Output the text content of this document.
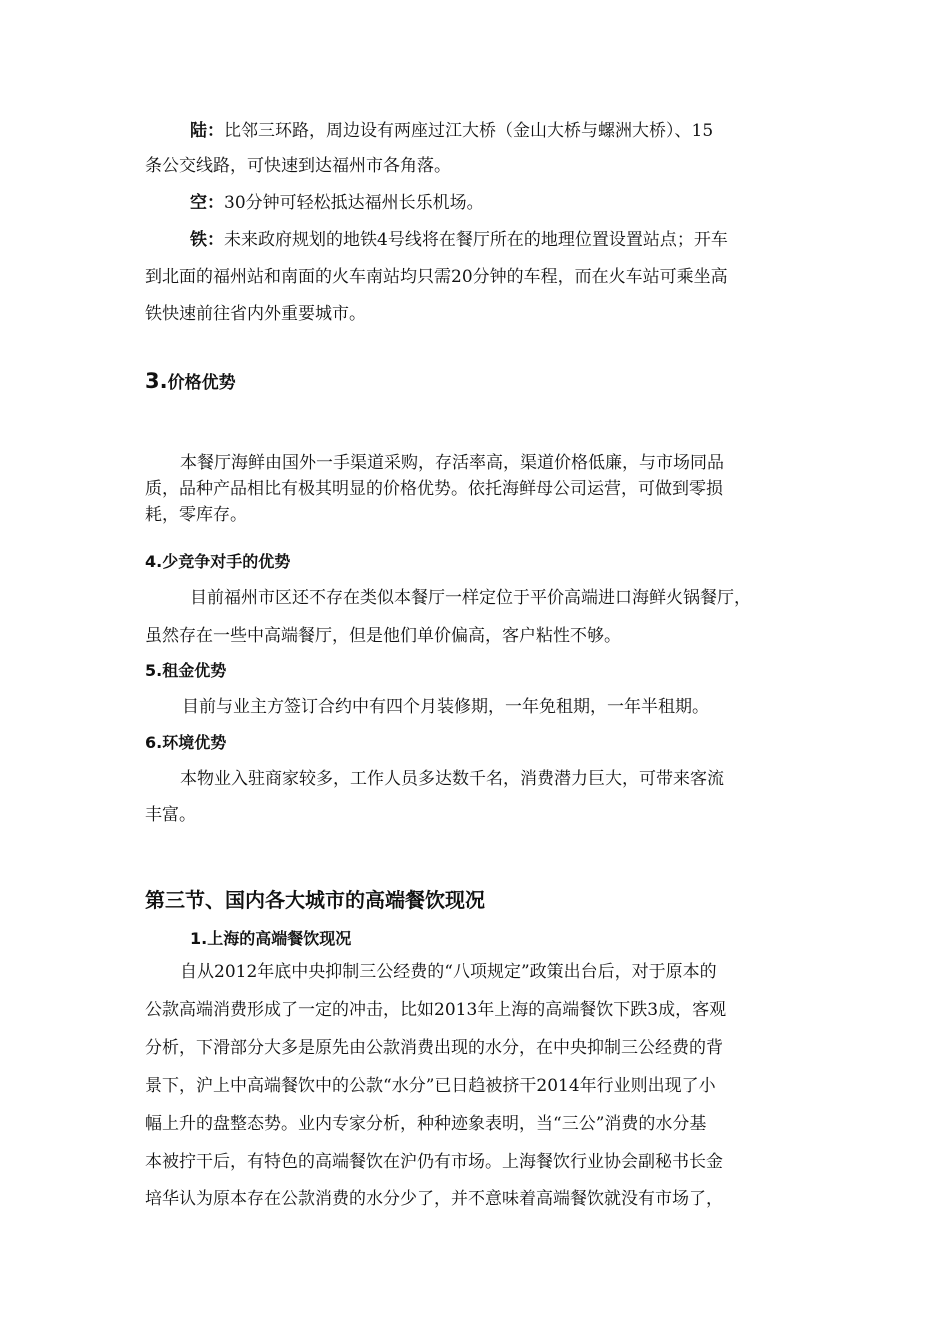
陆：比邻三环路，周边设有两座过江大桥（金山大桥与螺洲大桥）、15
条公交线路，可快速到达福州市各角落。
空：30分钟可轻松抵达福州长乐机场。
铁：未来政府规划的地铁4号线将在餐厅所在的地理位置设置站点；开车
到北面的福州站和南面的火车南站均只需20分钟的车程，而在火车站可乘坐高
铁快速前往省内外重要城市。
3.价格优势
本餐厅海鲜由国外一手渠道采购，存活率高，渠道价格低廉，与市场同品
质，品种产品相比有极其明显的价格优势。依托海鲜母公司运营，可做到零损
耗，零库存。
4.少竞争对手的优势
目前福州市区还不存在类似本餐厅一样定位于平价高端进口海鲜火锅餐厅，
虽然存在一些中高端餐厅，但是他们单价偏高，客户粘性不够。
5.租金优势
目前与业主方签订合约中有四个月装修期，一年免租期，一年半租期。
6.环境优势
本物业入驻商家较多，工作人员多达数千名，消费潜力巨大，可带来客流
丰富。
第三节、国内各大城市的高端餐饮现况
1.上海的高端餐饮现况
自从2012年底中央抑制三公经费的“八项规定”政策出台后，对于原本的
公款高端消费形成了一定的冲击，比如2013年上海的高端餐饮下跌3成，客观
分析，下滑部分大多是原先由公款消费出现的水分，在中央抑制三公经费的背
景下，沪上中高端餐饮中的公款“水分”已日趋被挤干2014年行业则出现了小
幅上升的盘整态势。业内专家分析，种种迹象表明，当“三公”消费的水分基
本被拧干后，有特色的高端餐饮在沪仍有市场。上海餐饮行业协会副秘书长金
培华认为原本存在公款消费的水分少了，并不意味着高端餐饮就没有市场了，
